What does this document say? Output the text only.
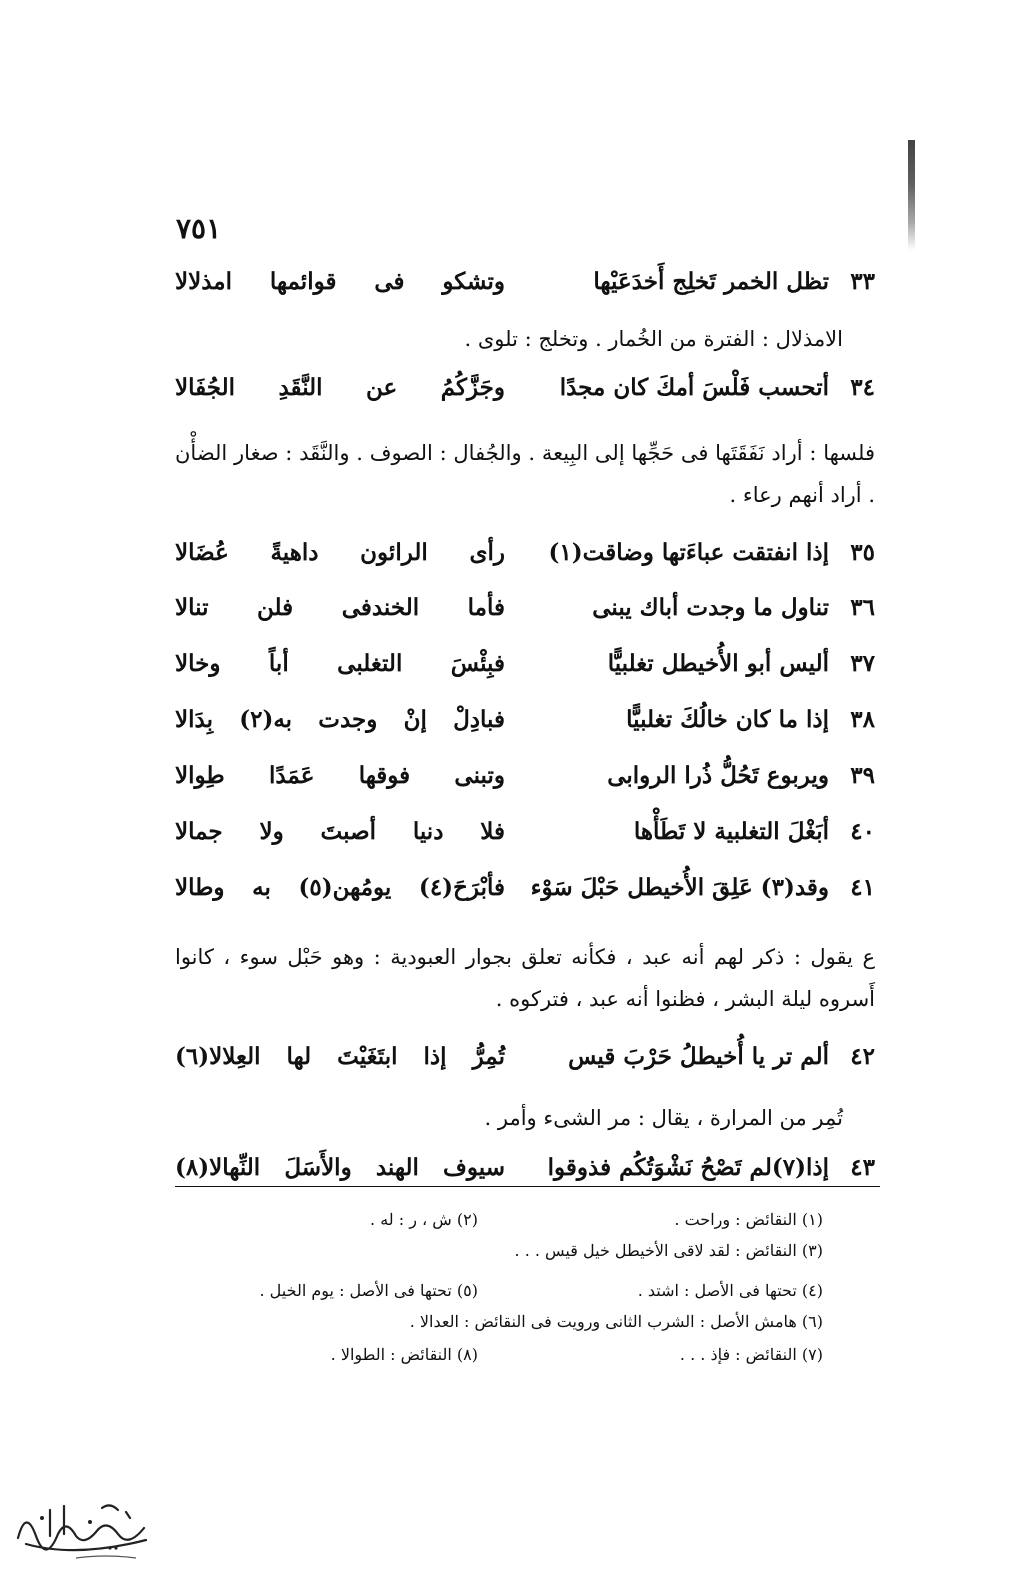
٧٥١
٣٣
تظل الخمر تَخلِج أَخدَعَيْها
وتشكو فى قوائمها امذلالا
الامذلال : الفترة من الخُمار . وتخلج : تلوى .
٣٤
أتحسب فَلْسَ أمكَ كان مجدًا
وجَزَّكُمُ عن النَّقَدِ الجُفَالا
فلسها : أراد نَفَقَتَها فى حَجِّها إلى البِيعة . والجُفال : الصوف . والنَّقَد : صغار الضأْن . أراد أنهم رعاء .
٣٥
إذا انفتقت عباءَتها وضاقت(١)
رأى الرائون داهيةً عُضَالا
٣٦
تناول ما وجدت أباك يبنى
فأما الخندفى فلن تنالا
٣٧
أليس أبو الأُخيطل تغلبيًّا
فبِئْسَ التغلبى أباً وخالا
٣٨
إذا ما كان خالُكَ تغلبيًّا
فبادِلْ إنْ وجدت به(٢) بِدَالا
٣٩
ويربوع تَحُلُّ ذُرا الروابى
وتبنى فوقها عَمَدًا طِوالا
٤٠
أبَغْلَ التغلبية لا تَطَأْها
فلا دنيا أصبتَ ولا جمالا
٤١
وقد(٣) عَلِقَ الأُخيطل حَبْلَ سَوْء
فأبْرَحَ(٤) يومُهن(٥) به وطالا
ع يقول : ذكر لهم أنه عبد ، فكأنه تعلق بجوار العبودية : وهو حَبْل سوء ، كانوا أَسروه ليلة البشر ، فظنوا أنه عبد ، فتركوه .
٤٢
ألم تر يا أُخيطلُ حَرْبَ قيس
تُمِرُّ إذا ابتَغَيْتَ لها العِلالا(٦)
تُمِر من المرارة ، يقال : مر الشىء وأمر .
٤٣
إذا(٧)لم تَصْحُ نَشْوَتُكُم فذوقوا
سيوف الهند والأَسَلَ النِّهالا(٨)
(١) النقائض : وراحت .
(٢) ش ، ر : له .
(٣) النقائض : لقد لاقى الأخيطل خيل قيس . . .
(٤) تحتها فى الأصل : اشتد .
(٥) تحتها فى الأصل : يوم الخيل .
(٦) هامش الأصل : الشرب الثانى ورويت فى النقائض : العدالا .
(٧) النقائض : فإذ . . .
(٨) النقائض : الطوالا .
